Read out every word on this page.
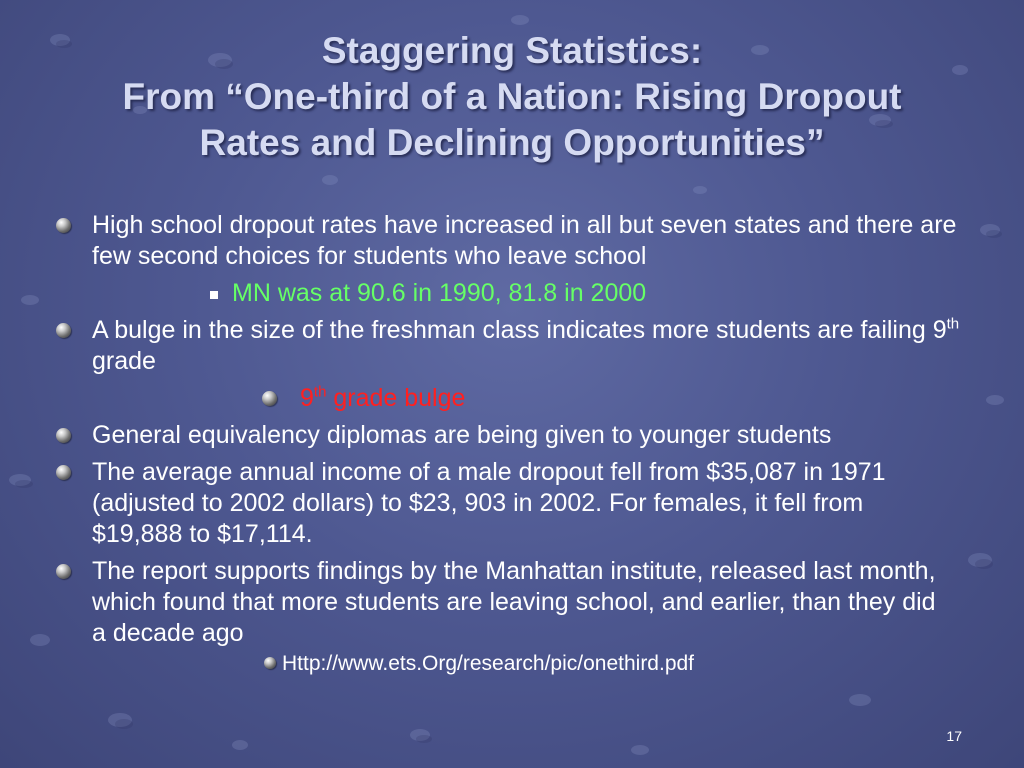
Staggering Statistics:
From “One-third of a Nation: Rising Dropout
Rates and Declining Opportunities”
High school dropout rates have increased in all but seven states and there are few second choices for students who leave school
MN was at 90.6 in 1990, 81.8 in 2000
A bulge in the size of the freshman class indicates more students are failing 9th grade
9th grade bulge
General equivalency diplomas are being given to younger students
The average annual income of a male dropout fell from $35,087 in 1971 (adjusted to 2002 dollars) to $23, 903 in 2002. For females, it fell from $19,888 to $17,114.
The report supports findings by the Manhattan institute, released last month, which found that more students are leaving school, and earlier, than they did a decade ago
Http://www.ets.Org/research/pic/onethird.pdf
17
